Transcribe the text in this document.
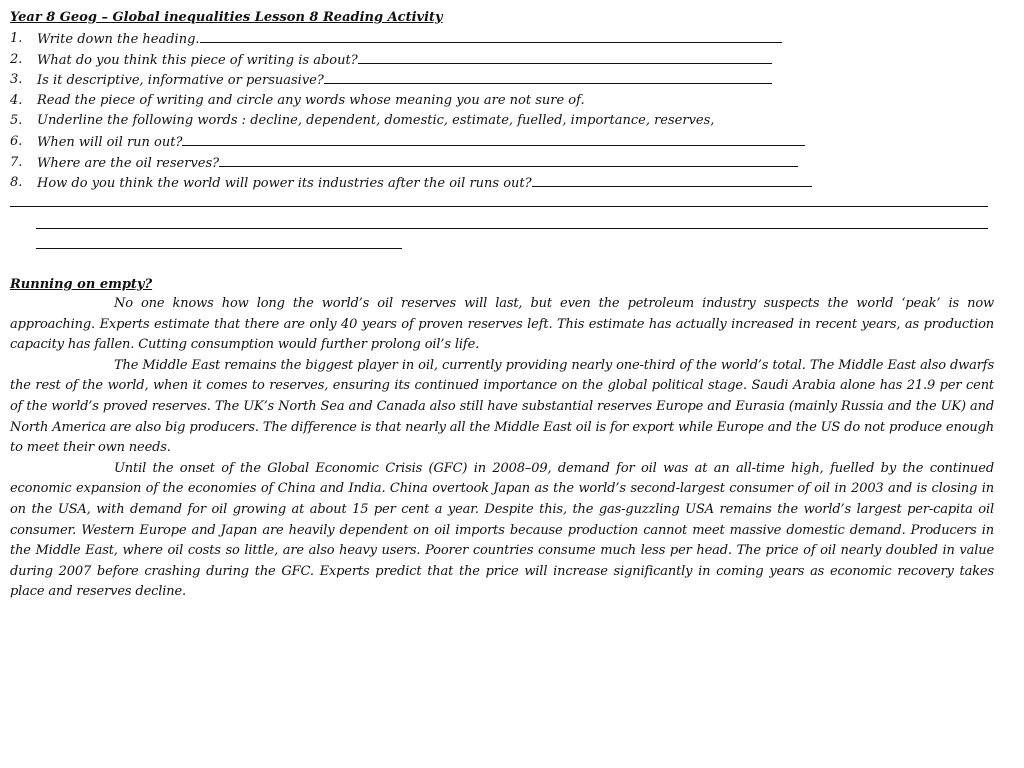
Year 8 Geog – Global inequalities Lesson 8 Reading Activity
1. Write down the heading.
2. What do you think this piece of writing is about?
3. Is it descriptive, informative or persuasive?
4. Read the piece of writing and circle any words whose meaning you are not sure of.
5. Underline the following words : decline, dependent, domestic, estimate, fuelled, importance, reserves,
6. When will oil run out?
7. Where are the oil reserves?
8. How do you think the world will power its industries after the oil runs out?
Running on empty?

No one knows how long the world’s oil reserves will last, but even the petroleum industry suspects the world ‘peak’ is now approaching. Experts estimate that there are only 40 years of proven reserves left. This estimate has actually increased in recent years, as production capacity has fallen. Cutting consumption would further prolong oil’s life.

The Middle East remains the biggest player in oil, currently providing nearly one-third of the world’s total. The Middle East also dwarfs the rest of the world, when it comes to reserves, ensuring its continued importance on the global political stage. Saudi Arabia alone has 21.9 per cent of the world’s proved reserves. The UK’s North Sea and Canada also still have substantial reserves Europe and Eurasia (mainly Russia and the UK) and North America are also big producers. The difference is that nearly all the Middle East oil is for export while Europe and the US do not produce enough to meet their own needs.

Until the onset of the Global Economic Crisis (GFC) in 2008–09, demand for oil was at an all-time high, fuelled by the continued economic expansion of the economies of China and India. China overtook Japan as the world’s second-largest consumer of oil in 2003 and is closing in on the USA, with demand for oil growing at about 15 per cent a year. Despite this, the gas-guzzling USA remains the world’s largest per-capita oil consumer. Western Europe and Japan are heavily dependent on oil imports because production cannot meet massive domestic demand. Producers in the Middle East, where oil costs so little, are also heavy users. Poorer countries consume much less per head. The price of oil nearly doubled in value during 2007 before crashing during the GFC. Experts predict that the price will increase significantly in coming years as economic recovery takes place and reserves decline.
